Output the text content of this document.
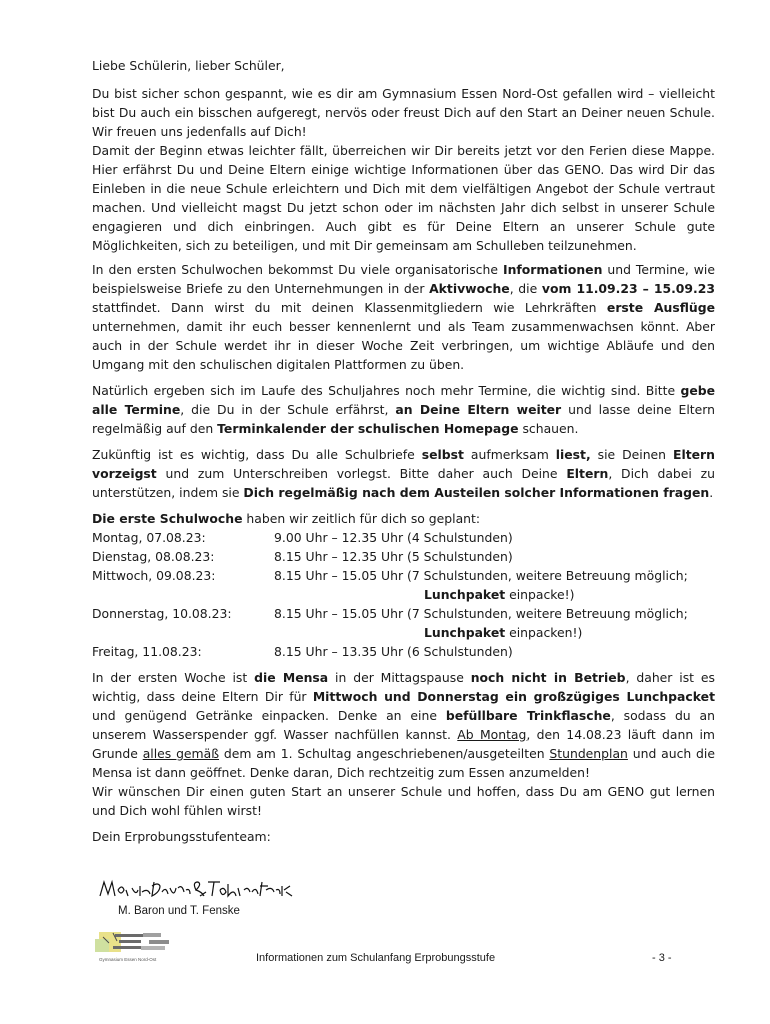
Liebe Schülerin, lieber Schüler,

Du bist sicher schon gespannt, wie es dir am Gymnasium Essen Nord-Ost gefallen wird – vielleicht bist Du auch ein bisschen aufgeregt, nervös oder freust Dich auf den Start an Deiner neuen Schule. Wir freuen uns jedenfalls auf Dich!
Damit der Beginn etwas leichter fällt, überreichen wir Dir bereits jetzt vor den Ferien diese Mappe. Hier erfährst Du und Deine Eltern einige wichtige Informationen über das GENO. Das wird Dir das Einleben in die neue Schule erleichtern und Dich mit dem vielfältigen Angebot der Schule vertraut machen. Und vielleicht magst Du jetzt schon oder im nächsten Jahr dich selbst in unserer Schule engagieren und dich einbringen. Auch gibt es für Deine Eltern an unserer Schule gute Möglichkeiten, sich zu beteiligen, und mit Dir gemeinsam am Schulleben teilzunehmen.

In den ersten Schulwochen bekommst Du viele organisatorische Informationen und Termine, wie beispielsweise Briefe zu den Unternehmungen in der Aktivwoche, die vom 11.09.23 – 15.09.23 stattfindet. Dann wirst du mit deinen Klassenmitgliedern wie Lehrkräften erste Ausflüge unternehmen, damit ihr euch besser kennenlernt und als Team zusammenwachsen könnt. Aber auch in der Schule werdet ihr in dieser Woche Zeit verbringen, um wichtige Abläufe und den Umgang mit den schulischen digitalen Plattformen zu üben.

Natürlich ergeben sich im Laufe des Schuljahres noch mehr Termine, die wichtig sind. Bitte gebe alle Termine, die Du in der Schule erfährst, an Deine Eltern weiter und lasse deine Eltern regelmäßig auf den Terminkalender der schulischen Homepage schauen.

Zukünftig ist es wichtig, dass Du alle Schulbriefe selbst aufmerksam liest, sie Deinen Eltern vorzeigst und zum Unterschreiben vorlegst. Bitte daher auch Deine Eltern, Dich dabei zu unterstützen, indem sie Dich regelmäßig nach dem Austeilen solcher Informationen fragen.

Die erste Schulwoche haben wir zeitlich für dich so geplant:
Montag, 07.08.23:	9.00 Uhr – 12.35 Uhr (4 Schulstunden)
Dienstag, 08.08.23:	8.15 Uhr – 12.35 Uhr (5 Schulstunden)
Mittwoch, 09.08.23:	8.15 Uhr – 15.05 Uhr (7 Schulstunden, weitere Betreuung möglich;
Lunchpaket einpacke!)
Donnerstag, 10.08.23:	8.15 Uhr – 15.05 Uhr (7 Schulstunden, weitere Betreuung möglich;
Lunchpaket einpacken!)
Freitag, 11.08.23:	8.15 Uhr – 13.35 Uhr (6 Schulstunden)

In der ersten Woche ist die Mensa in der Mittagspause noch nicht in Betrieb, daher ist es wichtig, dass deine Eltern Dir für Mittwoch und Donnerstag ein großzügiges Lunchpacket und genügend Getränke einpacken. Denke an eine befüllbare Trinkflasche, sodass du an unserem Wasserspender ggf. Wasser nachfüllen kannst. Ab Montag, den 14.08.23 läuft dann im Grunde alles gemäß dem am 1. Schultag angeschriebenen/ausgeteilten Stundenplan und auch die Mensa ist dann geöffnet. Denke daran, Dich rechtzeitig zum Essen anzumelden!

Wir wünschen Dir einen guten Start an unserer Schule und hoffen, dass Du am GENO gut lernen und Dich wohl fühlen wirst!

Dein Erprobungsstufenteam:

M. Baron und T. Fenske
Gymnasium Essen Nord-Ost	Informationen zum Schulanfang Erprobungsstufe	- 3 -
